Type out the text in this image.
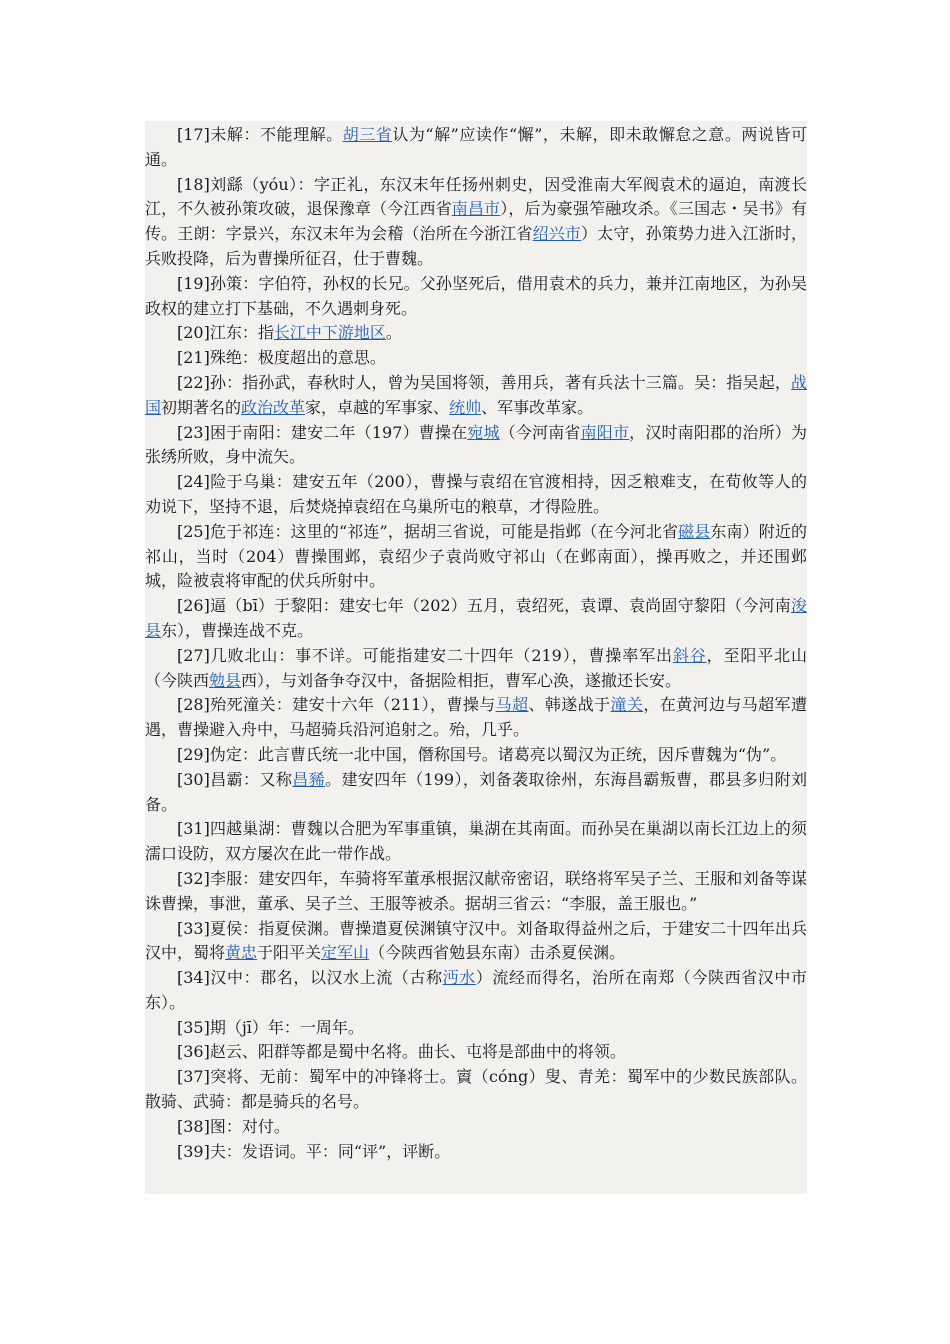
[17]未解：不能理解。胡三省认为“解”应读作“懈”，未解，即未敢懈怠之意。两说皆可通。

[18]刘繇（yóu）：字正礼，东汉末年任扬州刺史，因受淮南大军阀袁术的逼迫，南渡长江，不久被孙策攻破，退保豫章（今江西省南昌市），后为豪强笮融攻杀。《三国志・吴书》有传。王朗：字景兴，东汉末年为会稽（治所在今浙江省绍兴市）太守，孙策势力进入江浙时，兵败投降，后为曹操所征召，仕于曹魏。

[19]孙策：字伯符，孙权的长兄。父孙坚死后，借用袁术的兵力，兼并江南地区，为孙吴政权的建立打下基础，不久遇刺身死。

[20]江东：指长江中下游地区。

[21]殊绝：极度超出的意思。

[22]孙：指孙武，春秋时人，曾为吴国将领，善用兵，著有兵法十三篇。吴：指吴起，战国初期著名的政治改革家，卓越的军事家、统帅、军事改革家。

[23]困于南阳：建安二年（197）曹操在宛城（今河南省南阳市，汉时南阳郡的治所）为张绣所败，身中流矢。

[24]险于乌巢：建安五年（200），曹操与袁绍在官渡相持，因乏粮难支，在荀攸等人的劝说下，坚持不退，后焚烧掉袁绍在乌巢所屯的粮草，才得险胜。

[25]危于祁连：这里的“祁连”，据胡三省说，可能是指邺（在今河北省磁县东南）附近的祁山，当时（204）曹操围邺，袁绍少子袁尚败守祁山（在邺南面），操再败之，并还围邺城，险被袁将审配的伏兵所射中。

[26]逼（bī）于黎阳：建安七年（202）五月，袁绍死，袁谭、袁尚固守黎阳（今河南浚县东），曹操连战不克。

[27]几败北山：事不详。可能指建安二十四年（219），曹操率军出斜谷，至阳平北山（今陕西勉县西），与刘备争夺汉中，备据险相拒，曹军心涣，遂撤还长安。

[28]殆死潼关：建安十六年（211），曹操与马超、韩遂战于潼关，在黄河边与马超军遭遇，曹操避入舟中，马超骑兵沿河追射之。殆，几乎。

[29]伪定：此言曹氏统一北中国，僭称国号。诸葛亮以蜀汉为正统，因斥曹魏为“伪”。

[30]昌霸：又称昌豨。建安四年（199），刘备袭取徐州，东海昌霸叛曹，郡县多归附刘备。

[31]四越巢湖：曹魏以合肥为军事重镇，巢湖在其南面。而孙吴在巢湖以南长江边上的须濡口设防，双方屡次在此一带作战。

[32]李服：建安四年，车骑将军董承根据汉献帝密诏，联络将军吴子兰、王服和刘备等谋诛曹操，事泄，董承、吴子兰、王服等被杀。据胡三省云：“李服，盖王服也。”

[33]夏侯：指夏侯渊。曹操遣夏侯渊镇守汉中。刘备取得益州之后，于建安二十四年出兵汉中，蜀将黄忠于阳平关定军山（今陕西省勉县东南）击杀夏侯渊。

[34]汉中：郡名，以汉水上流（古称沔水）流经而得名，治所在南郑（今陕西省汉中市东）。

[35]期（jī）年：一周年。

[36]赵云、阳群等都是蜀中名将。曲长、屯将是部曲中的将领。

[37]突将、无前：蜀军中的冲锋将士。賨（cóng）叟、青羌：蜀军中的少数民族部队。散骑、武骑：都是骑兵的名号。

[38]图：对付。

[39]夫：发语词。平：同“评”，评断。
